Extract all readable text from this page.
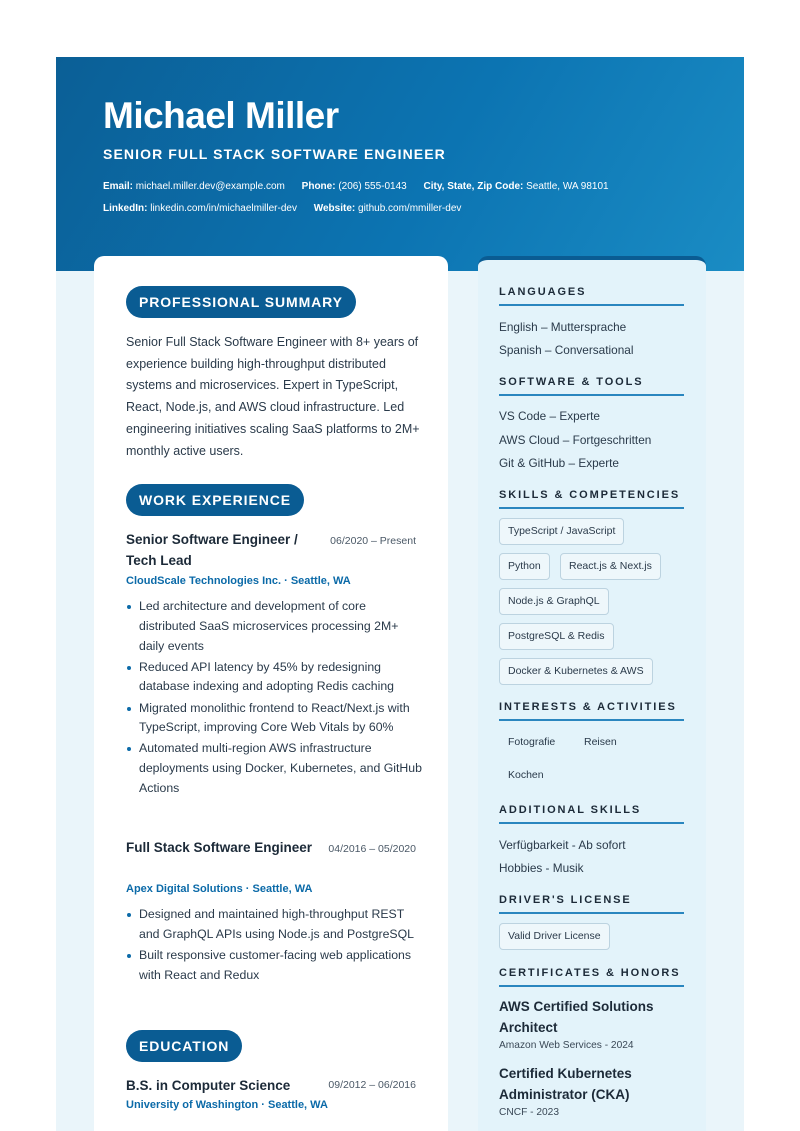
Michael Miller
SENIOR FULL STACK SOFTWARE ENGINEER
Email: michael.miller.dev@example.com Phone: (206) 555-0143 City, State, Zip Code: Seattle, WA 98101
LinkedIn: linkedin.com/in/michaelmiller-dev Website: github.com/mmiller-dev
PROFESSIONAL SUMMARY
Senior Full Stack Software Engineer with 8+ years of experience building high-throughput distributed systems and microservices. Expert in TypeScript, React, Node.js, and AWS cloud infrastructure. Led engineering initiatives scaling SaaS platforms to 2M+ monthly active users.
WORK EXPERIENCE
Senior Software Engineer / Tech Lead
06/2020 – Present
CloudScale Technologies Inc. · Seattle, WA
Led architecture and development of core distributed SaaS microservices processing 2M+ daily events
Reduced API latency by 45% by redesigning database indexing and adopting Redis caching
Migrated monolithic frontend to React/Next.js with TypeScript, improving Core Web Vitals by 60%
Automated multi-region AWS infrastructure deployments using Docker, Kubernetes, and GitHub Actions
Full Stack Software Engineer	04/2016 – 05/2020
Apex Digital Solutions · Seattle, WA
Designed and maintained high-throughput REST and GraphQL APIs using Node.js and PostgreSQL
Built responsive customer-facing web applications with React and Redux
EDUCATION
B.S. in Computer Science	09/2012 – 06/2016
University of Washington · Seattle, WA
LANGUAGES
English – Muttersprache
Spanish – Conversational
SOFTWARE & TOOLS
VS Code – Experte
AWS Cloud – Fortgeschritten
Git & GitHub – Experte
SKILLS & COMPETENCIES
TypeScript / JavaScript
Python	React.js & Next.js
Node.js & GraphQL
PostgreSQL & Redis
Docker & Kubernetes & AWS
INTERESTS & ACTIVITIES
Fotografie	Reisen
Kochen
ADDITIONAL SKILLS
Verfügbarkeit - Ab sofort
Hobbies - Musik
DRIVER'S LICENSE
Valid Driver License
CERTIFICATES & HONORS
AWS Certified Solutions Architect
Amazon Web Services - 2024
Certified Kubernetes Administrator (CKA)
CNCF - 2023
